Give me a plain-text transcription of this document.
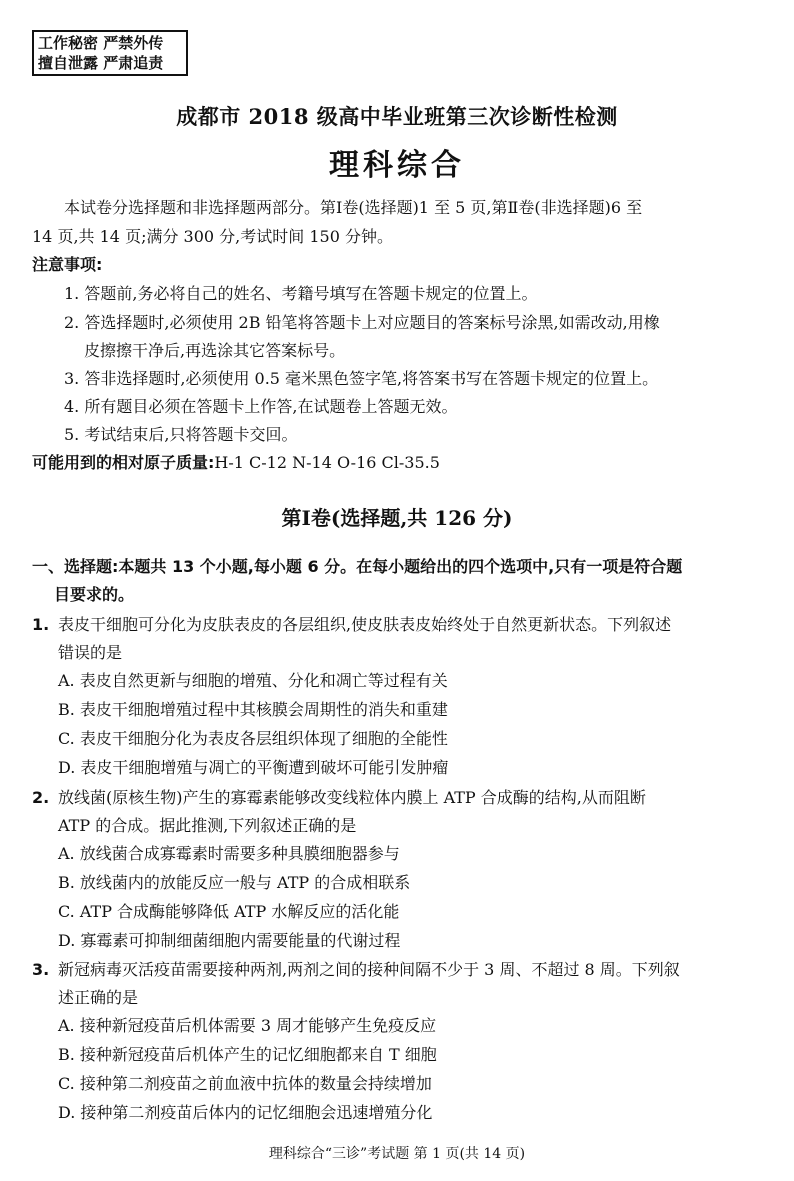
工作秘密 严禁外传
擅自泄露 严肃追责
成都市 2018 级高中毕业班第三次诊断性检测
理科综合
本试卷分选择题和非选择题两部分。第Ⅰ卷(选择题)1 至 5 页,第Ⅱ卷(非选择题)6 至
14 页,共 14 页;满分 300 分,考试时间 150 分钟。
注意事项:
1. 答题前,务必将自己的姓名、考籍号填写在答题卡规定的位置上。
2. 答选择题时,必须使用 2B 铅笔将答题卡上对应题目的答案标号涂黑,如需改动,用橡
皮擦擦干净后,再选涂其它答案标号。
3. 答非选择题时,必须使用 0.5 毫米黑色签字笔,将答案书写在答题卡规定的位置上。
4. 所有题目必须在答题卡上作答,在试题卷上答题无效。
5. 考试结束后,只将答题卡交回。
可能用到的相对原子质量:H-1 C-12 N-14 O-16 Cl-35.5
第Ⅰ卷(选择题,共 126 分)
一、选择题:本题共 13 个小题,每小题 6 分。在每小题给出的四个选项中,只有一项是符合题
目要求的。
1. 表皮干细胞可分化为皮肤表皮的各层组织,使皮肤表皮始终处于自然更新状态。下列叙述
错误的是
A. 表皮自然更新与细胞的增殖、分化和凋亡等过程有关
B. 表皮干细胞增殖过程中其核膜会周期性的消失和重建
C. 表皮干细胞分化为表皮各层组织体现了细胞的全能性
D. 表皮干细胞增殖与凋亡的平衡遭到破坏可能引发肿瘤
2. 放线菌(原核生物)产生的寡霉素能够改变线粒体内膜上 ATP 合成酶的结构,从而阻断
ATP 的合成。据此推测,下列叙述正确的是
A. 放线菌合成寡霉素时需要多种具膜细胞器参与
B. 放线菌内的放能反应一般与 ATP 的合成相联系
C. ATP 合成酶能够降低 ATP 水解反应的活化能
D. 寡霉素可抑制细菌细胞内需要能量的代谢过程
3. 新冠病毒灭活疫苗需要接种两剂,两剂之间的接种间隔不少于 3 周、不超过 8 周。下列叙
述正确的是
A. 接种新冠疫苗后机体需要 3 周才能够产生免疫反应
B. 接种新冠疫苗后机体产生的记忆细胞都来自 T 细胞
C. 接种第二剂疫苗之前血液中抗体的数量会持续增加
D. 接种第二剂疫苗后体内的记忆细胞会迅速增殖分化
理科综合“三诊”考试题 第 1 页(共 14 页)
